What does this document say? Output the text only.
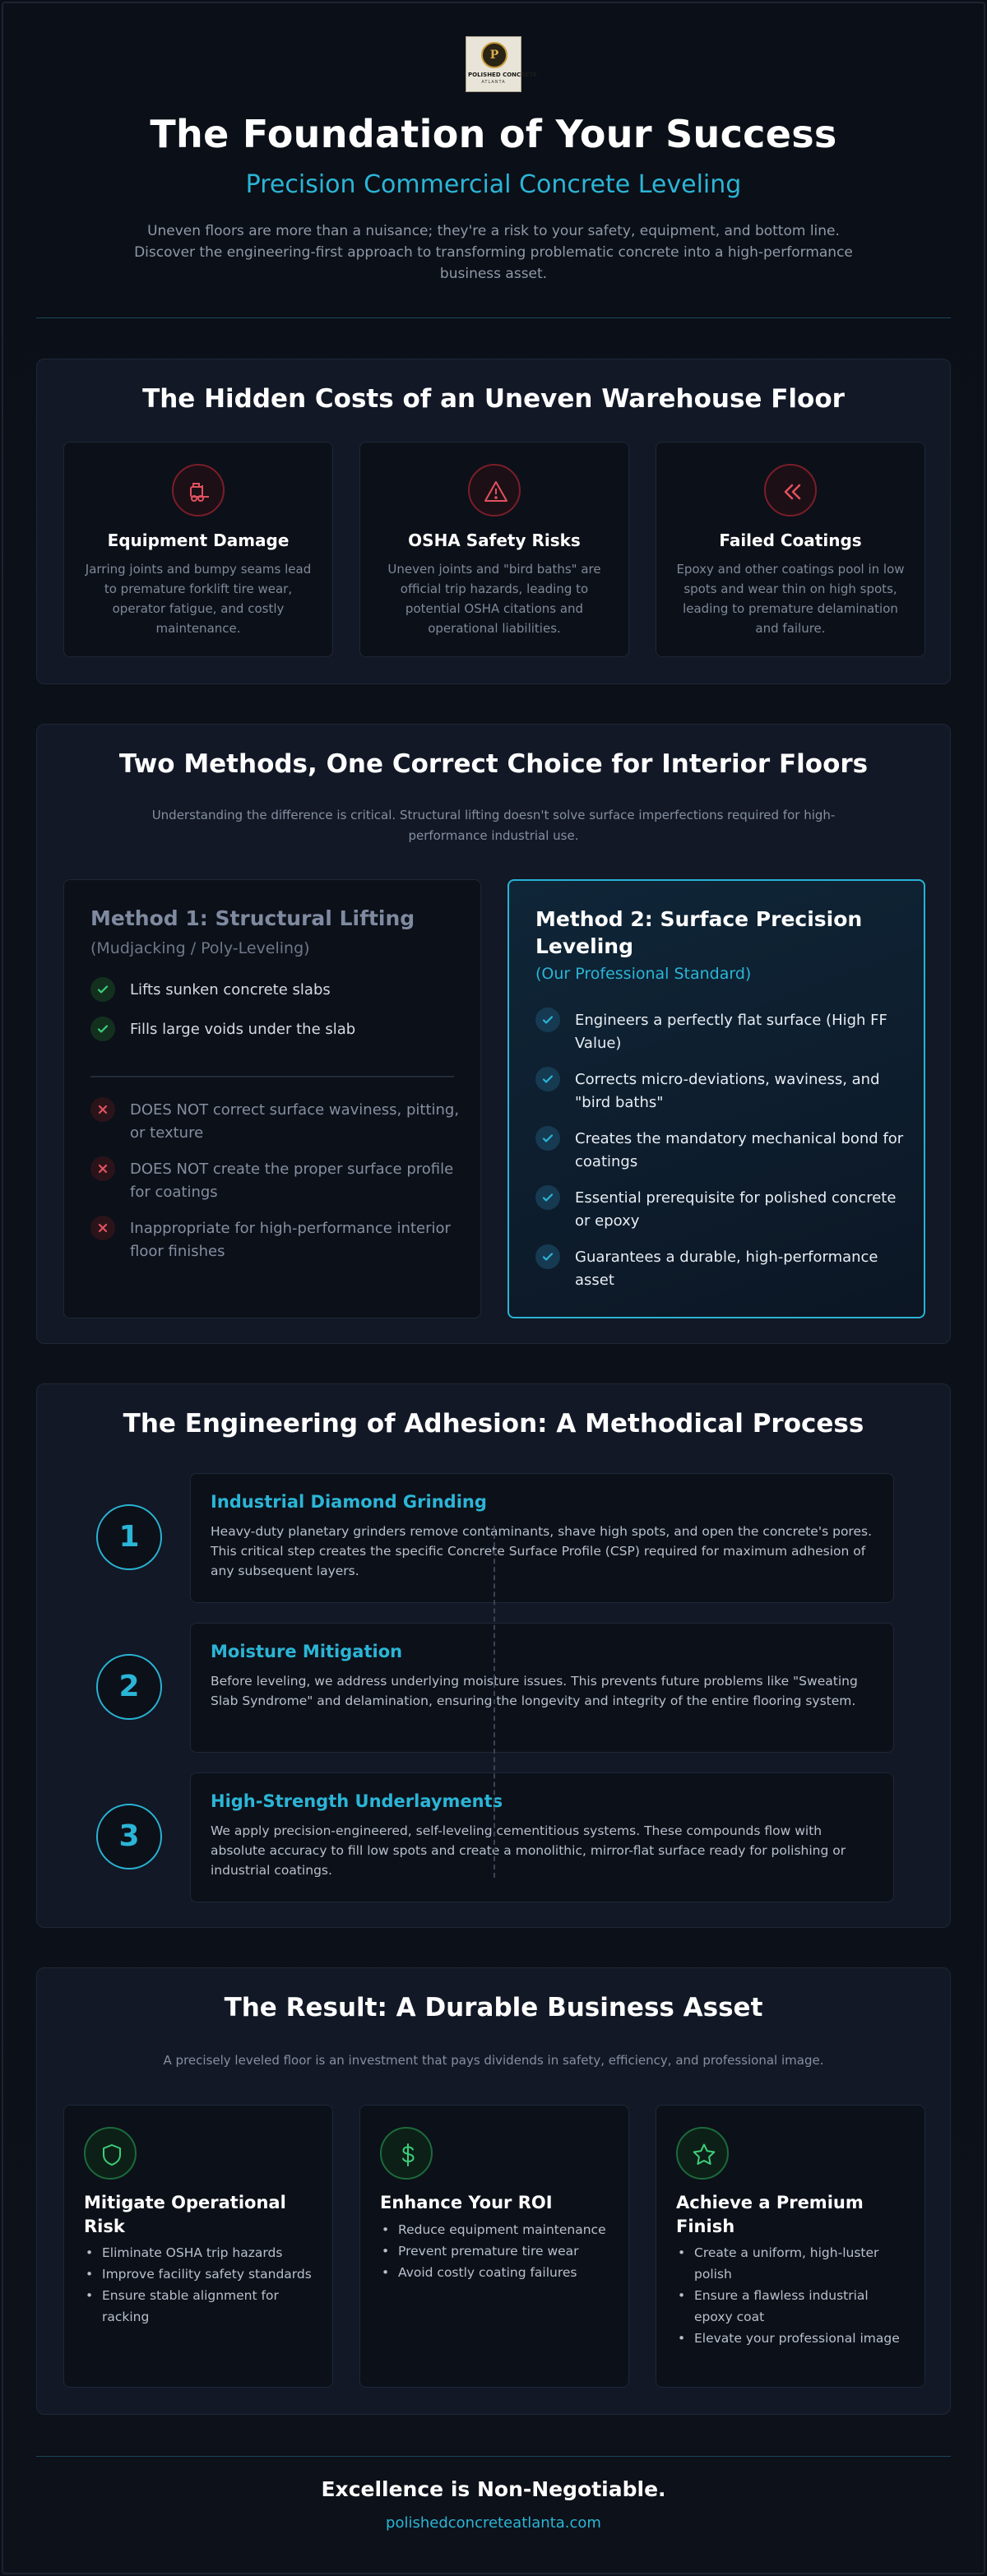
P
POLISHED CONCRETE
ATLANTA
The Foundation of Your Success
Precision Commercial Concrete Leveling

Uneven floors are more than a nuisance; they're a risk to your safety, equipment, and bottom line. Discover the engineering-first approach to transforming problematic concrete into a high-performance business asset.

The Hidden Costs of an Uneven Warehouse Floor
Equipment Damage
Jarring joints and bumpy seams lead to premature forklift tire wear, operator fatigue, and costly maintenance.
OSHA Safety Risks
Uneven joints and "bird baths" are official trip hazards, leading to potential OSHA citations and operational liabilities.
Failed Coatings
Epoxy and other coatings pool in low spots and wear thin on high spots, leading to premature delamination and failure.
Two Methods, One Correct Choice for Interior Floors

Understanding the difference is critical. Structural lifting doesn't solve surface imperfections required for high-performance industrial use.

Method 1: Structural Lifting
(Mudjacking / Poly-Leveling)
Lifts sunken concrete slabs
Fills large voids under the slab
DOES NOT correct surface waviness, pitting, or texture
DOES NOT create the proper surface profile for coatings
Inappropriate for high-performance interior floor finishes
Method 2: Surface Precision Leveling
(Our Professional Standard)
Engineers a perfectly flat surface (High FF Value)
Corrects micro-deviations, waviness, and "bird baths"
Creates the mandatory mechanical bond for coatings
Essential prerequisite for polished concrete or epoxy
Guarantees a durable, high-performance asset
The Engineering of Adhesion: A Methodical Process
1
Industrial Diamond Grinding
Heavy-duty planetary grinders remove contaminants, shave high spots, and open the concrete's pores. This critical step creates the specific Concrete Surface Profile (CSP) required for maximum adhesion of any subsequent layers.
2
Moisture Mitigation
Before leveling, we address underlying moisture issues. This prevents future problems like "Sweating Slab Syndrome" and delamination, ensuring the longevity and integrity of the entire flooring system.
3
High-Strength Underlayments
We apply precision-engineered, self-leveling cementitious systems. These compounds flow with absolute accuracy to fill low spots and create a monolithic, mirror-flat surface ready for polishing or industrial coatings.
The Result: A Durable Business Asset

A precisely leveled floor is an investment that pays dividends in safety, efficiency, and professional image.

Mitigate Operational Risk
• Eliminate OSHA trip hazards
• Improve facility safety standards
• Ensure stable alignment for racking
Enhance Your ROI
• Reduce equipment maintenance
• Prevent premature tire wear
• Avoid costly coating failures
Achieve a Premium Finish
• Create a uniform, high-luster polish
• Ensure a flawless industrial epoxy coat
• Elevate your professional image
Excellence is Non-Negotiable.
polishedconcreteatlanta.com
